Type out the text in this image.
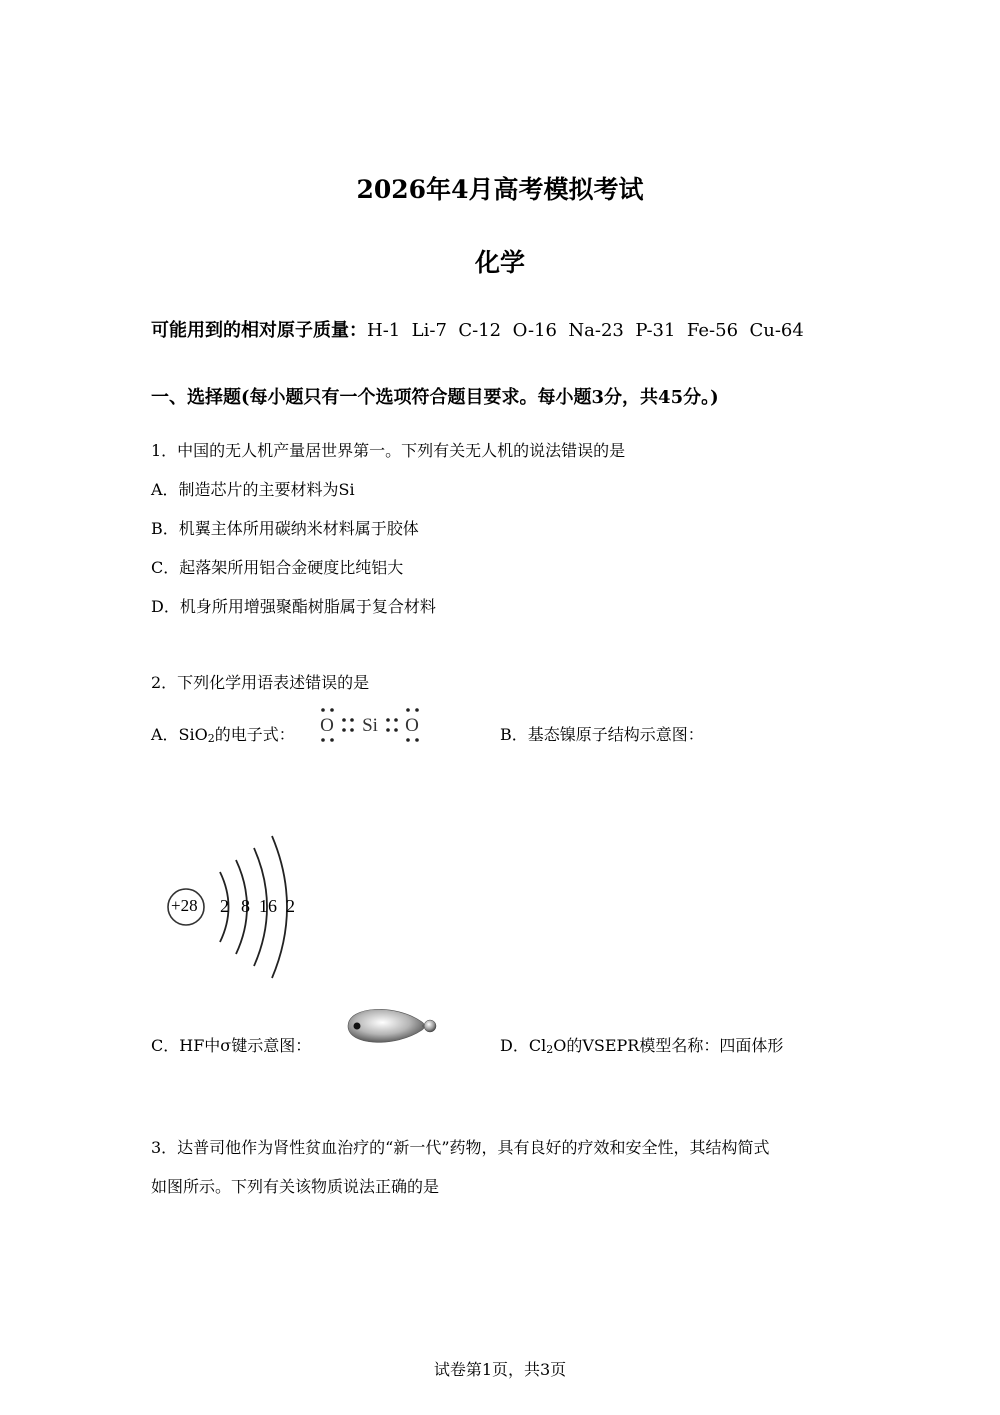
2026年4月高考模拟考试
化学
可能用到的相对原子质量：H-1  Li-7  C-12  O-16  Na-23  P-31  Fe-56  Cu-64
一、选择题(每小题只有一个选项符合题目要求。每小题3分，共45分。)
1．中国的无人机产量居世界第一。下列有关无人机的说法错误的是
A．制造芯片的主要材料为Si
B．机翼主体所用碳纳米材料属于胶体
C．起落架所用铝合金硬度比纯铝大
D．机身所用增强聚酯树脂属于复合材料
2．下列化学用语表述错误的是
A．SiO2的电子式： O Si O	B．基态镍原子结构示意图：
+28 2 8 16 2
C．HF中σ键示意图：	D．Cl2O的VSEPR模型名称：四面体形
3．达普司他作为肾性贫血治疗的“新一代”药物，具有良好的疗效和安全性，其结构简式
如图所示。下列有关该物质说法正确的是
试卷第1页，共3页
